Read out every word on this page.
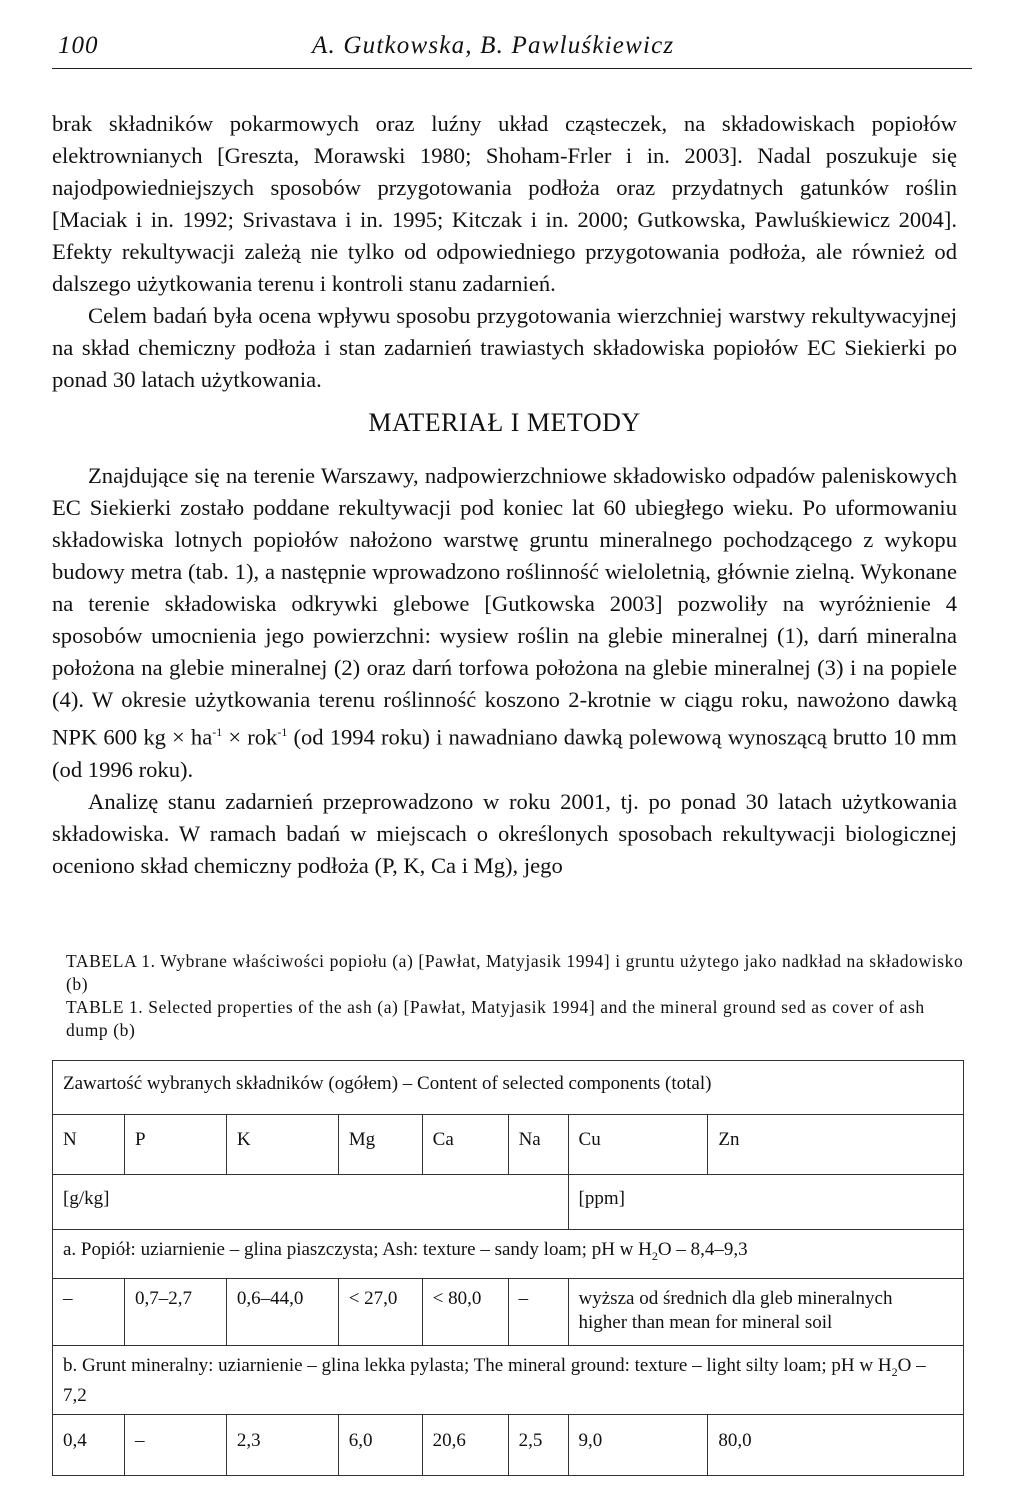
100	A. Gutkowska, B. Pawluśkiewicz

brak składników pokarmowych oraz luźny układ cząsteczek, na składowiskach popiołów elektrownianych [Greszta, Morawski 1980; Shoham-Frler i in. 2003]. Nadal poszukuje się najodpowiedniejszych sposobów przygotowania podłoża oraz przydatnych gatunków roślin [Maciak i in. 1992; Srivastava i in. 1995; Kitczak i in. 2000; Gutkowska, Pawluśkiewicz 2004]. Efekty rekultywacji zależą nie tylko od odpowiedniego przygotowania podłoża, ale również od dalszego użytkowania terenu i kontroli stanu zadarnień.

Celem badań była ocena wpływu sposobu przygotowania wierzchniej warstwy rekultywacyjnej na skład chemiczny podłoża i stan zadarnień trawiastych składowiska popiołów EC Siekierki po ponad 30 latach użytkowania.

MATERIAŁ I METODY

Znajdujące się na terenie Warszawy, nadpowierzchniowe składowisko odpadów paleniskowych EC Siekierki zostało poddane rekultywacji pod koniec lat 60 ubiegłego wieku. Po uformowaniu składowiska lotnych popiołów nałożono warstwę gruntu mineralnego pochodzącego z wykopu budowy metra (tab. 1), a następnie wprowadzono roślinność wieloletnią, głównie zielną. Wykonane na terenie składowiska odkrywki glebowe [Gutkowska 2003] pozwoliły na wyróżnienie 4 sposobów umocnienia jego powierzchni: wysiew roślin na glebie mineralnej (1), darń mineralna położona na glebie mineralnej (2) oraz darń torfowa położona na glebie mineralnej (3) i na popiele (4). W okresie użytkowania terenu roślinność koszono 2-krotnie w ciągu roku, nawożono dawką NPK 600 kg × $ha^{-1} \times rok^{-1}$ (od 1994 roku) i nawadniano dawką polewową wynoszącą brutto 10 mm (od 1996 roku).

Analizę stanu zadarnień przeprowadzono w roku 2001, tj. po ponad 30 latach użytkowania składowiska. W ramach badań w miejscach o określonych sposobach rekultywacji biologicznej oceniono skład chemiczny podłoża (P, K, Ca i Mg), jego

TABELA 1. Wybrane właściwości popiołu (a) [Pawłat, Matyjasik 1994] i gruntu użytego jako nadkład na składowisko (b)

TABLE 1. Selected properties of the ash (a) [Pawłat, Matyjasik 1994] and the mineral ground sed as cover of ash dump (b)

Zawartość wybranych składników (ogółem) – Content of selected components (total)							
N	P	K	Mg	Ca	Na	Cu	Zn
[g/kg]						[ppm]	
a. Popiół: uziarnienie – glina piaszczysta; Ash: texture – sandy loam; pH w $H_2O - 8,4-9,3$							
–	0,7–2,7	0,6–44,0	< 27,0	< 80,0	–	wyższa od średnich dla gleb mineralnych
higher than mean for mineral soil	
b. Grunt mineralny: uziarnienie – glina lekka pylasta; The mineral ground: texture – light silty loam; pH w $H_2O - 7,2$							
0,4	–	2,3	6,0	20,6	2,5	9,0	80,0
